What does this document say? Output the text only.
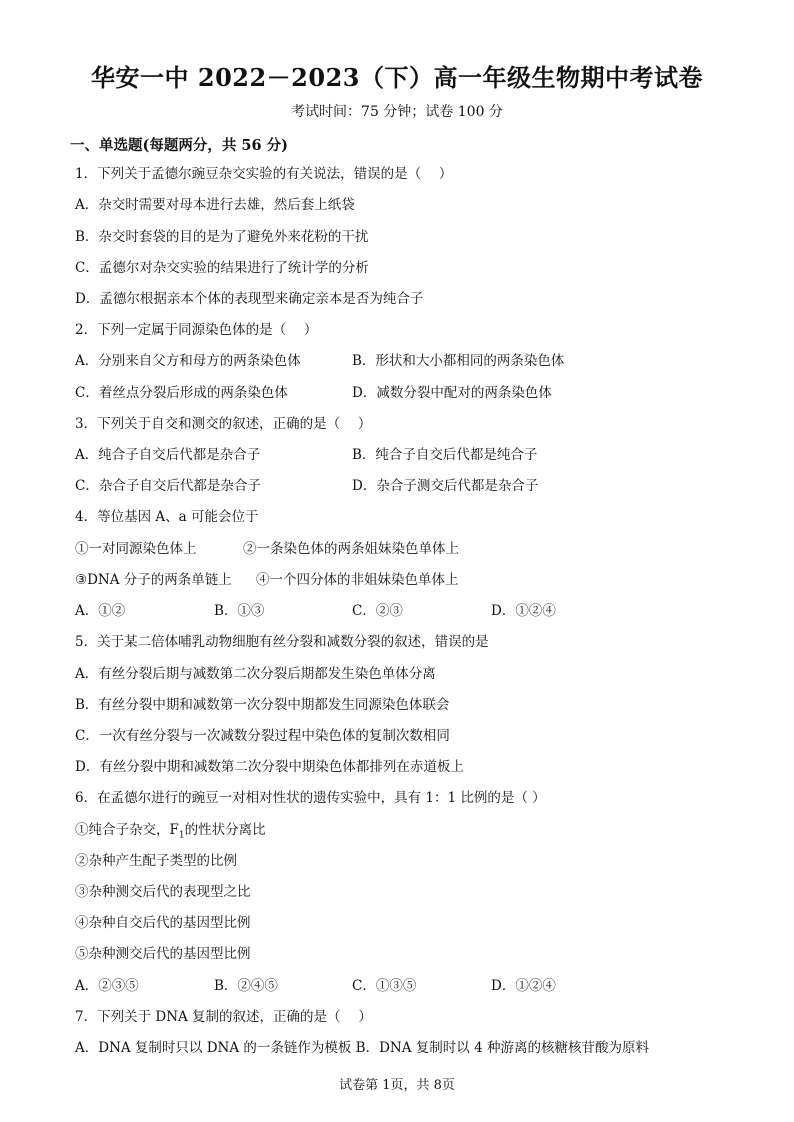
华安一中 2022－2023（下）高一年级生物期中考试卷
考试时间：75 分钟；试卷 100 分
一、单选题(每题两分，共 56 分)
1．下列关于孟德尔豌豆杂交实验的有关说法，错误的是（　 ）
A．杂交时需要对母本进行去雄，然后套上纸袋
B．杂交时套袋的目的是为了避免外来花粉的干扰
C．孟德尔对杂交实验的结果进行了统计学的分析
D．孟德尔根据亲本个体的表现型来确定亲本是否为纯合子
2．下列一定属于同源染色体的是（　 ）
A．分别来自父方和母方的两条染色体	B．形状和大小都相同的两条染色体
C．着丝点分裂后形成的两条染色体	D．减数分裂中配对的两条染色体
3．下列关于自交和测交的叙述，正确的是（　 ）
A．纯合子自交后代都是杂合子	B．纯合子自交后代都是纯合子
C．杂合子自交后代都是杂合子	D．杂合子测交后代都是杂合子
4．等位基因 A、a 可能会位于
①一对同源染色体上	②一条染色体的两条姐妹染色单体上
③DNA 分子的两条单链上 ④一个四分体的非姐妹染色单体上
A．①②	B．①③	C．②③	D．①②④
5．关于某二倍体哺乳动物细胞有丝分裂和减数分裂的叙述，错误的是
A．有丝分裂后期与减数第二次分裂后期都发生染色单体分离
B．有丝分裂中期和减数第一次分裂中期都发生同源染色体联会
C．一次有丝分裂与一次减数分裂过程中染色体的复制次数相同
D．有丝分裂中期和减数第二次分裂中期染色体都排列在赤道板上
6．在孟德尔进行的豌豆一对相对性状的遗传实验中，具有 1：1 比例的是（ ）
①纯合子杂交，$F_1$的性状分离比
②杂种产生配子类型的比例
③杂种测交后代的表现型之比
④杂种自交后代的基因型比例
⑤杂种测交后代的基因型比例
A．②③⑤	B．②④⑤	C．①③⑤	D．①②④
7．下列关于 DNA 复制的叙述，正确的是（　 ）
A．DNA 复制时只以 DNA 的一条链作为模板 B．DNA 复制时以 4 种游离的核糖核苷酸为原料
试卷第 1页，共 8页
